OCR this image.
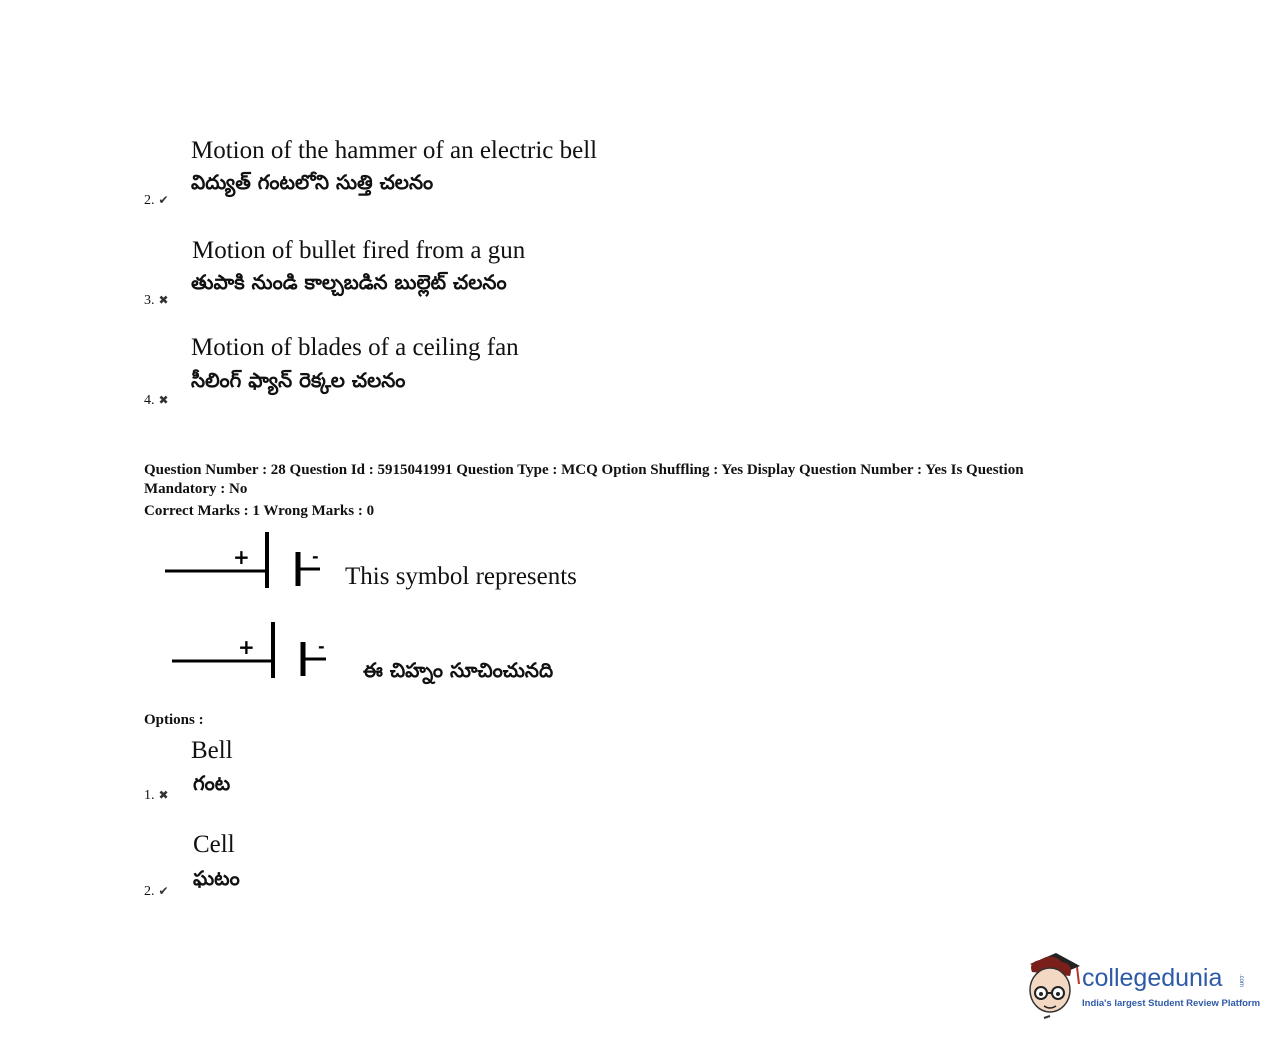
Motion of the hammer of an electric bell
విద్యుత్ గంటలోని సుత్తి చలనం
2. ✔
Motion of bullet fired from a gun
తుపాకి నుండి కాల్చబడిన బుల్లెట్ చలనం
3. ✖
Motion of blades of a ceiling fan
సీలింగ్ ఫ్యాన్ రెక్కల చలనం
4. ✖
Question Number : 28 Question Id : 5915041991 Question Type : MCQ Option Shuffling : Yes Display Question Number : Yes Is Question
Mandatory : No
Correct Marks : 1 Wrong Marks : 0
+	-
This symbol represents
+	-
ఈ చిహ్నం సూచించునది
Options :
Bell
గంట
1. ✖
Cell
ఘటం
2. ✔
collegedunia	.com
India's largest Student Review Platform
